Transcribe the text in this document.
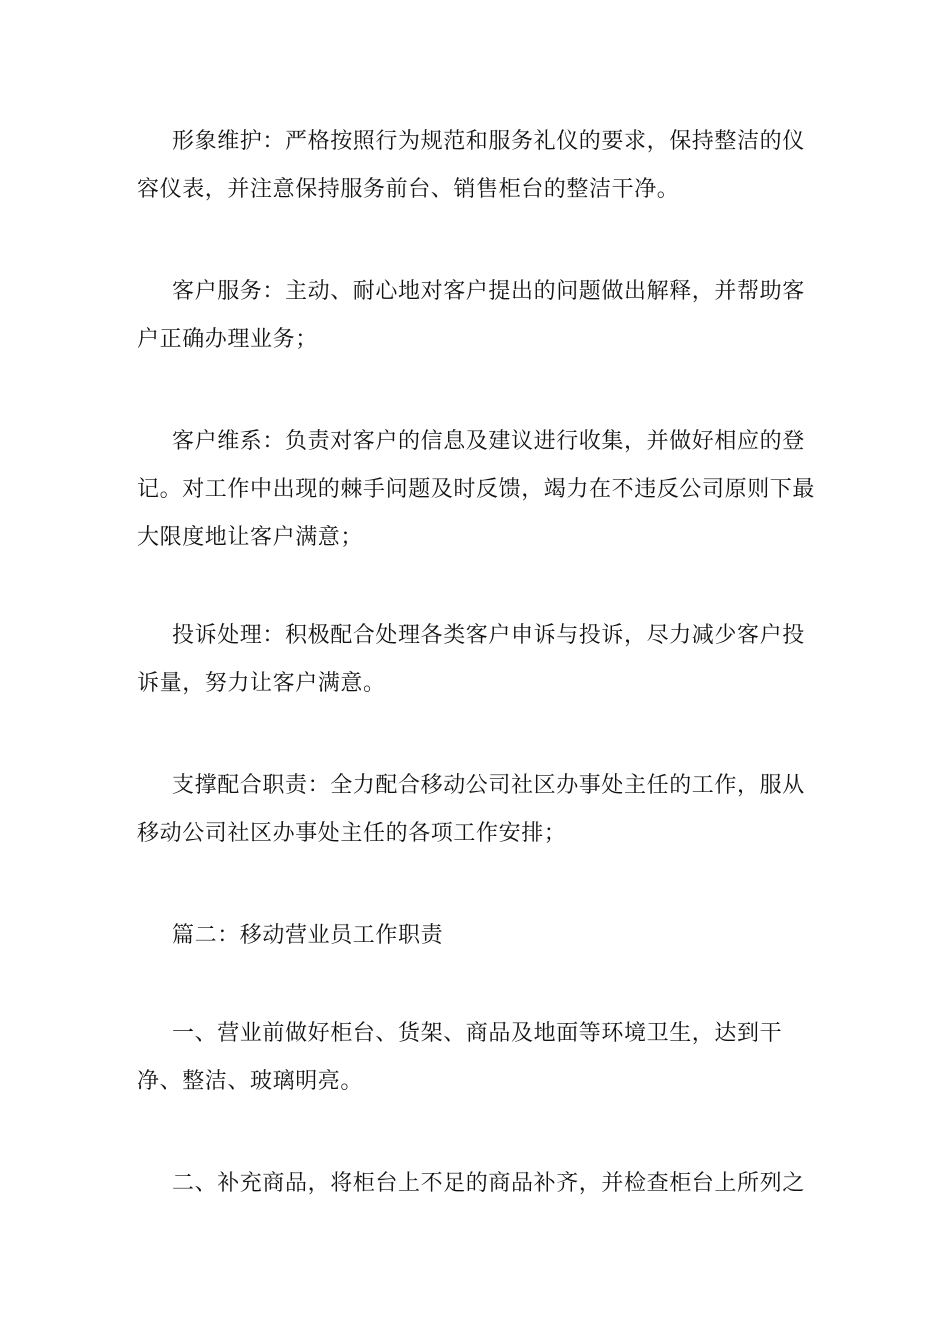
形象维护：严格按照行为规范和服务礼仪的要求，保持整洁的仪容仪表，并注意保持服务前台、销售柜台的整洁干净。

客户服务：主动、耐心地对客户提出的问题做出解释，并帮助客户正确办理业务；

客户维系：负责对客户的信息及建议进行收集，并做好相应的登记。对工作中出现的棘手问题及时反馈，竭力在不违反公司原则下最大限度地让客户满意；

投诉处理：积极配合处理各类客户申诉与投诉，尽力减少客户投诉量，努力让客户满意。

支撑配合职责：全力配合移动公司社区办事处主任的工作，服从移动公司社区办事处主任的各项工作安排；

篇二：移动营业员工作职责

一、营业前做好柜台、货架、商品及地面等环境卫生，达到干净、整洁、玻璃明亮。

二、补充商品，将柜台上不足的商品补齐，并检查柜台上所列之
